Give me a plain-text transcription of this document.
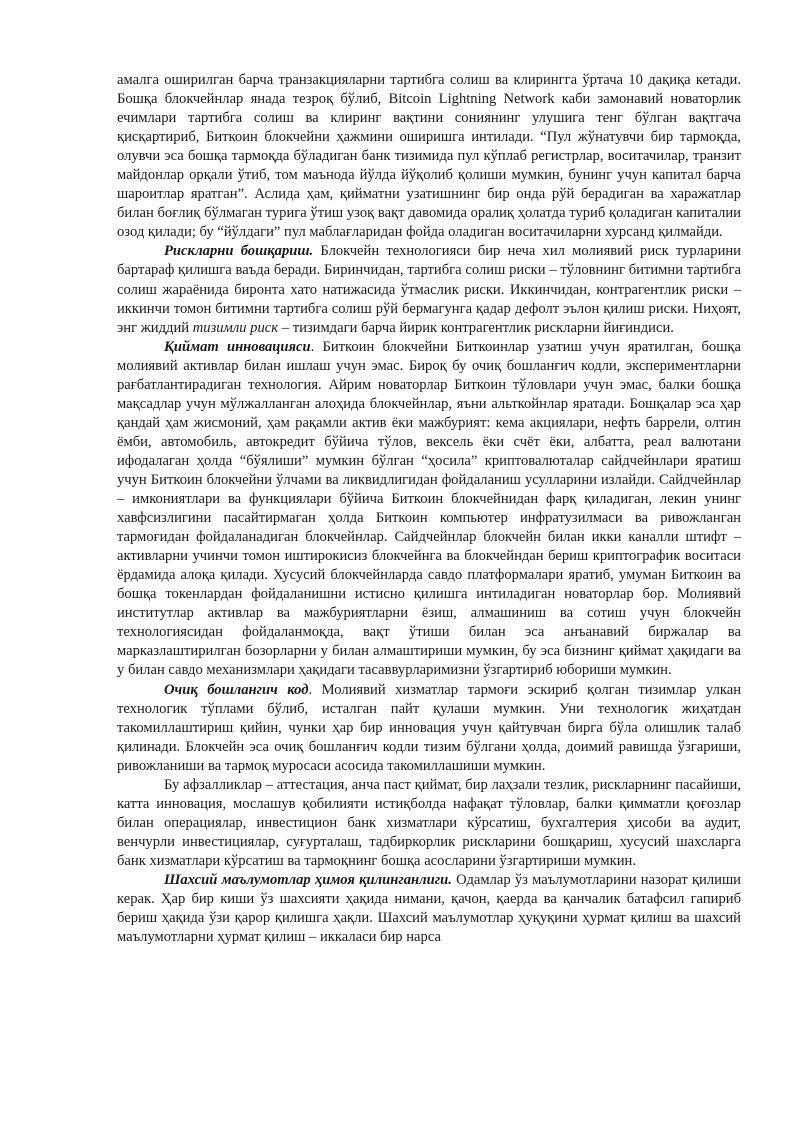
амалга оширилган барча транзакцияларни тартибга солиш ва клирингга ўртача 10 дақиқа кетади. Бошқа блокчейнлар янада тезроқ бўлиб, Bitcoin Lightning Network каби замонавий новаторлик ечимлари тартибга солиш ва клиринг вақтини сониянинг улушига тенг бўлган вақтгача қисқартириб, Биткоин блокчейни ҳажмини оширишга интилади. “Пул жўнатувчи бир тармоқда, олувчи эса бошқа тармоқда бўладиган банк тизимида пул кўплаб регистрлар, воситачилар, транзит майдонлар орқали ўтиб, том маънода йўлда йўқолиб қолиши мумкин, бунинг учун капитал барча шароитлар яратган”. Аслида ҳам, қийматни узатишнинг бир онда рўй берадиган ва харажатлар билан боғлиқ бўлмаган турига ўтиш узоқ вақт давомида оралиқ ҳолатда туриб қоладиган капиталии озод қилади; бу “йўлдаги” пул маблағларидан фойда оладиган воситачиларни хурсанд қилмайди.

Рискларни бошқариш. Блокчейн технологияси бир неча хил молиявий риск турларини бартараф қилишга ваъда беради. Биринчидан, тартибга солиш риски – тўловнинг битимни тартибга солиш жараёнида биронта хато натижасида ўтмаслик риски. Иккинчидан, контрагентлик риски – иккинчи томон битимни тартибга солиш рўй бермагунга қадар дефолт эълон қилиш риски. Ниҳоят, энг жиддий тизимли риск – тизимдаги барча йирик контрагентлик рискларни йиғиндиси.

Қиймат инновацияси. Биткоин блокчейни Биткоинлар узатиш учун яратилган, бошқа молиявий активлар билан ишлаш учун эмас. Бироқ бу очиқ бошланғич кодли, экспериментларни рағбатлантирадиган технология. Айрим новаторлар Биткоин тўловлари учун эмас, балки бошқа мақсадлар учун мўлжалланган алоҳида блокчейнлар, яъни альткойнлар яратади. Бошқалар эса ҳар қандай ҳам жисмоний, ҳам рақамли актив ёки мажбурият: кема акциялари, нефть баррели, олтин ёмби, автомобиль, автокредит бўйича тўлов, вексель ёки счёт ёки, албатта, реал валютани ифодалаган ҳолда “бўялиши” мумкин бўлган “ҳосила” криптовалюталар сайдчейнлари яратиш учун Биткоин блокчейни ўлчами ва ликвидлигидан фойдаланиш усулларини излайди. Сайдчейнлар – имкониятлари ва функциялари бўйича Биткоин блокчейнидан фарқ қиладиган, лекин унинг хавфсизлигини пасайтирмаган ҳолда Биткоин компьютер инфратузилмаси ва ривожланган тармоғидан фойдаланадиган блокчейнлар. Сайдчейнлар блокчейн билан икки каналли штифт – активларни учинчи томон иштирокисиз блокчейнга ва блокчейндан бериш криптографик воситаси ёрдамида алоқа қилади. Хусусий блокчейнларда савдо платформалари яратиб, умуман Биткоин ва бошқа токенлардан фойдаланишни истисно қилишга интиладиган новаторлар бор. Молиявий институтлар активлар ва мажбуриятларни ёзиш, алмашиниш ва сотиш учун блокчейн технологиясидан фойдаланмоқда, вақт ўтиши билан эса анъанавий биржалар ва марказлаштирилган бозорларни у билан алмаштириши мумкин, бу эса бизнинг қиймат ҳақидаги ва у билан савдо механизмлари ҳақидаги тасаввурларимизни ўзгартириб юбориши мумкин.

Очиқ бошлангич код. Молиявий хизматлар тармоғи эскириб қолган тизимлар улкан технологик тўплами бўлиб, исталган пайт қулаши мумкин. Уни технологик жиҳатдан такомиллаштириш қийин, чунки ҳар бир инновация учун қайтувчан бирга бўла олишлик талаб қилинади. Блокчейн эса очиқ бошланғич кодли тизим бўлгани ҳолда, доимий равишда ўзгариши, ривожланиши ва тармоқ муросаси асосида такомиллашиши мумкин.

Бу афзалликлар – аттестация, анча паст қиймат, бир лаҳзали тезлик, рискларнинг пасайиши, катта инновация, мослашув қобилияти истиқболда нафақат тўловлар, балки қимматли қоғозлар билан операциялар, инвестицион банк хизматлари кўрсатиш, бухгалтерия ҳисоби ва аудит, венчурли инвестициялар, суғурталаш, тадбиркорлик рискларини бошқариш, хусусий шахсларга банк хизматлари кўрсатиш ва тармоқнинг бошқа асосларини ўзгартириши мумкин.

Шахсий маълумотлар ҳимоя қилинганлиги. Одамлар ўз маълумотларини назорат қилиши керак. Ҳар бир киши ўз шахсияти ҳақида нимани, қачон, қаерда ва қанчалик батафсил гапириб бериш ҳақида ўзи қарор қилишга ҳақли. Шахсий маълумотлар ҳуқуқини ҳурмат қилиш ва шахсий маълумотларни ҳурмат қилиш – иккаласи бир нарса
